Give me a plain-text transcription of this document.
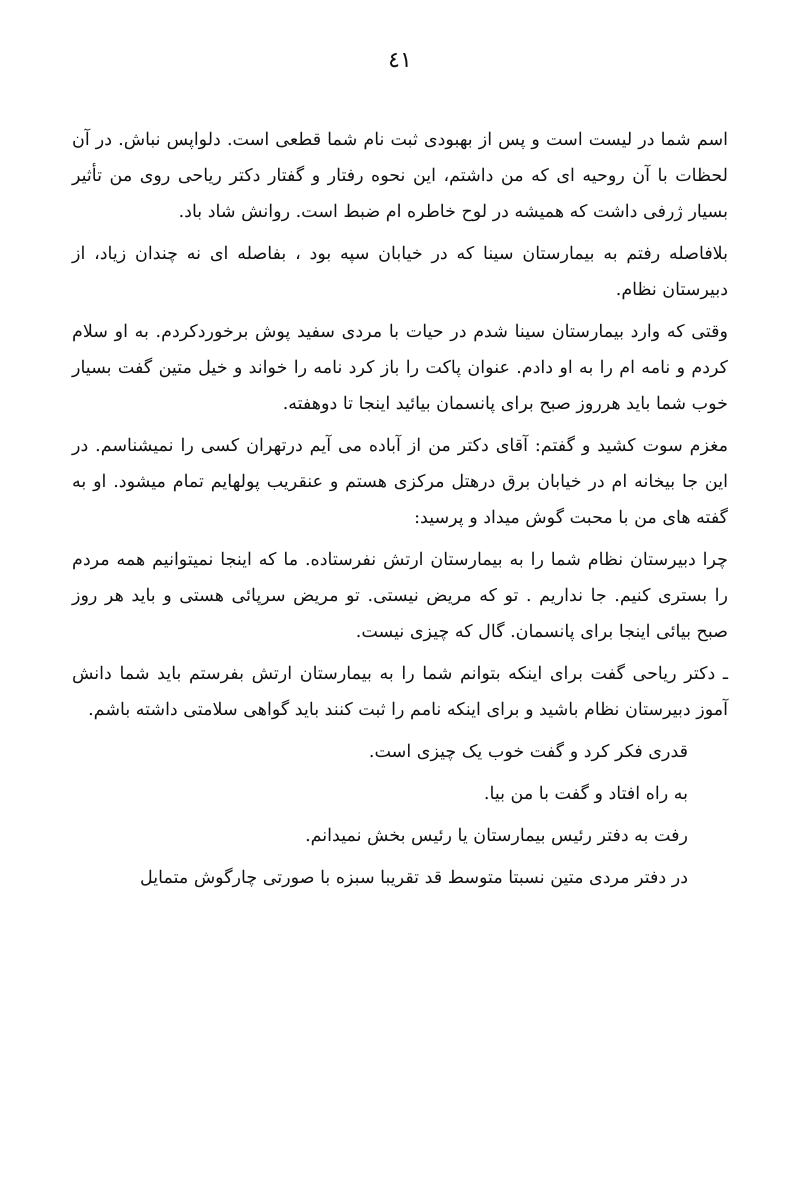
٤١

اسم شما در لیست است و پس از بهبودی ثبت نام شما قطعی است. دلواپس نباش. در آن لحظات با آن روحیه ای که من داشتم، این نحوه رفتار و گفتار دکتر ریاحی روی من تأثیر بسیار ژرفی داشت که همیشه در لوح خاطره ام ضبط است. روانش شاد باد.

بلافاصله رفتم به بیمارستان سینا که در خیابان سپه بود ، بفاصله ای نه چندان زیاد، از دبیرستان نظام.

وقتی که وارد بیمارستان سینا شدم در حیات با مردی سفید پوش برخوردکردم. به او سلام کردم و نامه ام را به او دادم. عنوان پاکت را باز کرد نامه را خواند و خیل متین گفت بسیار خوب شما باید هرروز صبح برای پانسمان بیائید اینجا تا دوهفته.

مغزم سوت کشید و گفتم: آقای دکتر من از آباده می آیم درتهران کسی را نمیشناسم. در این جا بیخانه ام در خیابان برق درهتل مرکزی هستم و عنقریب پولهایم تمام میشود. او به گفته های من با محبت گوش میداد و پرسید:

چرا دبیرستان نظام شما را به بیمارستان ارتش نفرستاده. ما که اینجا نمیتوانیم همه مردم را بستری کنیم. جا نداریم . تو که مریض نیستی. تو مریض سرپائی هستی و باید هر روز صبح بیائی اینجا برای پانسمان. گال که چیزی نیست.

ـ دکتر ریاحی گفت برای اینکه بتوانم شما را به بیمارستان ارتش بفرستم باید شما دانش آموز دبیرستان نظام باشید و برای اینکه نامم را ثبت کنند باید گواهی سلامتی داشته باشم.

قدری فکر کرد و گفت خوب یک چیزی است.

به راه افتاد و گفت با من بیا.

رفت به دفتر رئیس بیمارستان یا رئیس بخش نمیدانم.

در دفتر مردی متین نسبتا متوسط قد تقریبا سبزه با صورتی چارگوش متمایل
